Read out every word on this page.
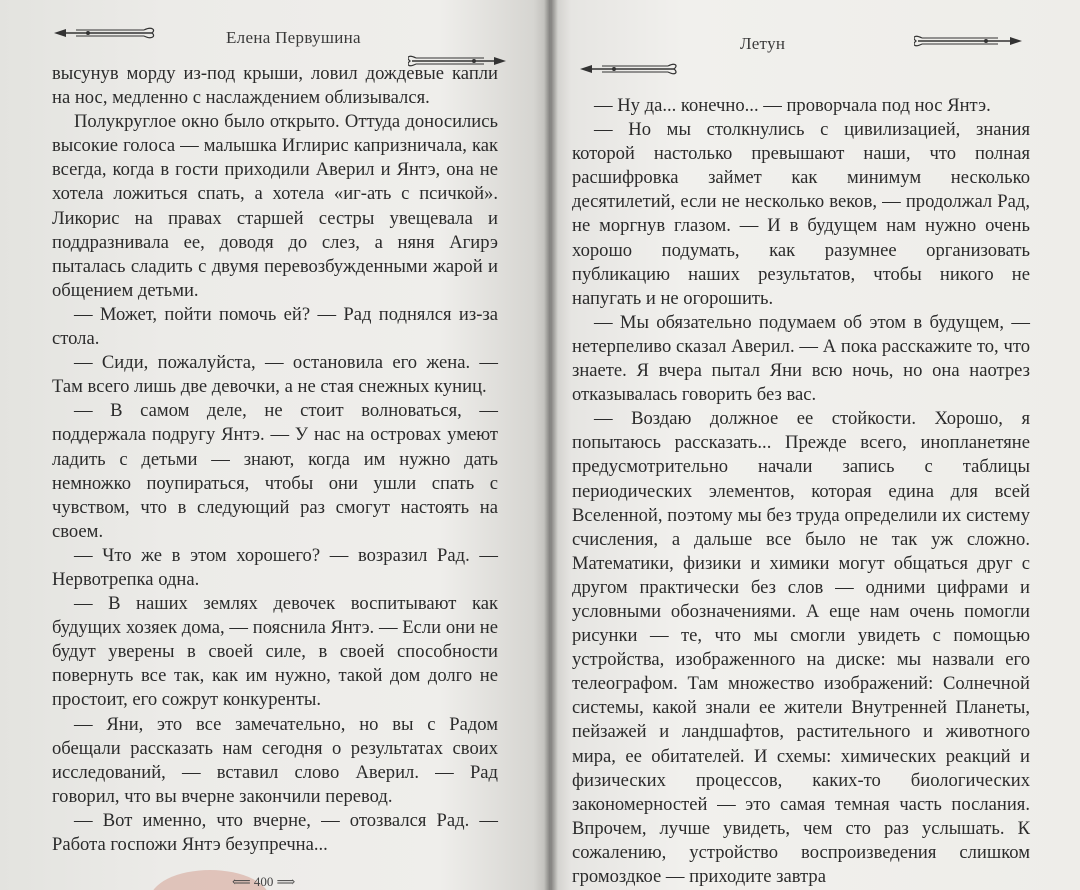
Елена Первушина

высунув морду из-под крыши, ловил дождевые капли на нос, медленно с наслаждением облизывался.

Полукруглое окно было открыто. Оттуда доносились высокие голоса — малышка Иглирис капризничала, как всегда, когда в гости приходили Аверил и Янтэ, она не хотела ложиться спать, а хотела «иг-ать с псичкой». Ликорис на правах старшей сестры увещевала и поддразнивала ее, доводя до слез, а няня Агирэ пыталась сладить с двумя перевозбужденными жарой и общением детьми.

— Может, пойти помочь ей? — Рад поднялся из-за стола.

— Сиди, пожалуйста, — остановила его жена. — Там всего лишь две девочки, а не стая снежных куниц.

— В самом деле, не стоит волноваться, — поддержала подругу Янтэ. — У нас на островах умеют ладить с детьми — знают, когда им нужно дать немножко поупираться, чтобы они ушли спать с чувством, что в следующий раз смогут настоять на своем.

— Что же в этом хорошего? — возразил Рад. — Нервотрепка одна.

— В наших землях девочек воспитывают как будущих хозяек дома, — пояснила Янтэ. — Если они не будут уверены в своей силе, в своей способности повернуть все так, как им нужно, такой дом долго не простоит, его сожрут конкуренты.

— Яни, это все замечательно, но вы с Радом обещали рассказать нам сегодня о результатах своих исследований, — вставил слово Аверил. — Рад говорил, что вы вчерне закончили перевод.

— Вот именно, что вчерне, — отозвался Рад. — Работа госпожи Янтэ безупречна...

⟸ 400 ⟹
Летун

— Ну да... конечно... — проворчала под нос Янтэ.

— Но мы столкнулись с цивилизацией, знания которой настолько превышают наши, что полная расшифровка займет как минимум несколько десятилетий, если не несколько веков, — продолжал Рад, не моргнув глазом. — И в будущем нам нужно очень хорошо подумать, как разумнее организовать публикацию наших результатов, чтобы никого не напугать и не огорошить.

— Мы обязательно подумаем об этом в будущем, — нетерпеливо сказал Аверил. — А пока расскажите то, что знаете. Я вчера пытал Яни всю ночь, но она наотрез отказывалась говорить без вас.

— Воздаю должное ее стойкости. Хорошо, я попытаюсь рассказать... Прежде всего, инопланетяне предусмотрительно начали запись с таблицы периодических элементов, которая едина для всей Вселенной, поэтому мы без труда определили их систему счисления, а дальше все было не так уж сложно. Математики, физики и химики могут общаться друг с другом практически без слов — одними цифрами и условными обозначениями. А еще нам очень помогли рисунки — те, что мы смогли увидеть с помощью устройства, изображенного на диске: мы назвали его телеографом. Там множество изображений: Солнечной системы, какой знали ее жители Внутренней Планеты, пейзажей и ландшафтов, растительного и животного мира, ее обитателей. И схемы: химических реакций и физических процессов, каких-то биологических закономерностей — это самая темная часть послания. Впрочем, лучше увидеть, чем сто раз услышать. К сожалению, устройство воспроизведения слишком громоздкое — приходите завтра
